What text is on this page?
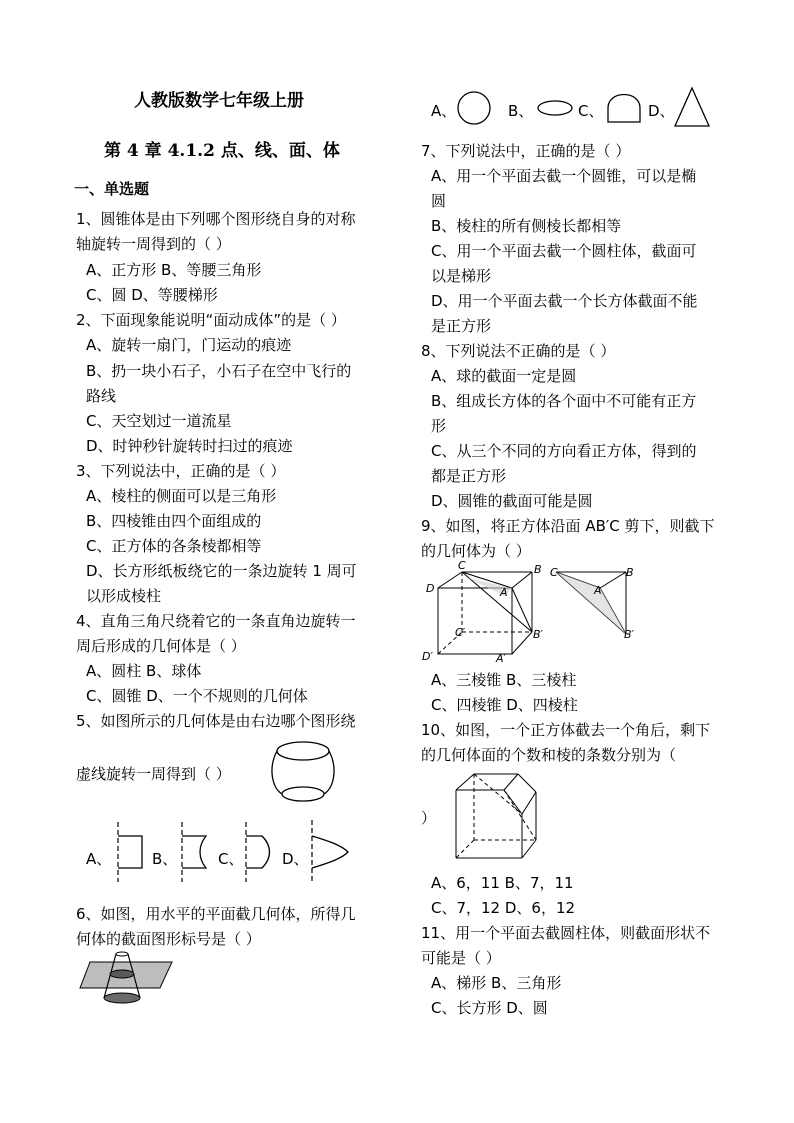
人教版数学七年级上册
第 4 章 4.1.2 点、线、面、体
一、单选题
1、圆锥体是由下列哪个图形绕自身的对称
轴旋转一周得到的（ ）
A、正方形 B、等腰三角形
C、圆 D、等腰梯形
2、下面现象能说明“面动成体”的是（ ）
A、旋转一扇门，门运动的痕迹
B、扔一块小石子，小石子在空中飞行的
路线
C、天空划过一道流星
D、时钟秒针旋转时扫过的痕迹
3、下列说法中，正确的是（ ）
A、棱柱的侧面可以是三角形
B、四棱锥由四个面组成的
C、正方体的各条棱都相等
D、长方形纸板绕它的一条边旋转 1 周可
以形成棱柱
4、直角三角尺绕着它的一条直角边旋转一
周后形成的几何体是（ ）
A、圆柱 B、球体
C、圆锥 D、一个不规则的几何体
5、如图所示的几何体是由右边哪个图形绕
虚线旋转一周得到（ ）
A、	B、	C、	D、
6、如图，用水平的平面截几何体，所得几
何体的截面图形标号是（ ）
A、	B、	C、	D、
7、下列说法中，正确的是（ ）
A、用一个平面去截一个圆锥，可以是椭
圆
B、棱柱的所有侧棱长都相等
C、用一个平面去截一个圆柱体，截面可
以是梯形
D、用一个平面去截一个长方体截面不能
是正方形
8、下列说法不正确的是（ ）
A、球的截面一定是圆
B、组成长方体的各个面中不可能有正方
形
C、从三个不同的方向看正方体，得到的
都是正方形
D、圆锥的截面可能是圆
9、如图，将正方体沿面 AB′C 剪下，则截下
的几何体为（ ）
C	B
D	A
C′	B′
D′	A′
C	B
A
B′
A、三棱锥 B、三棱柱
C、四棱锥 D、四棱柱
10、如图，一个正方体截去一个角后，剩下
的几何体面的个数和棱的条数分别为（
）
A、6，11 B、7，11
C、7，12 D、6，12
11、用一个平面去截圆柱体，则截面形状不
可能是（ ）
A、梯形 B、三角形
C、长方形 D、圆
